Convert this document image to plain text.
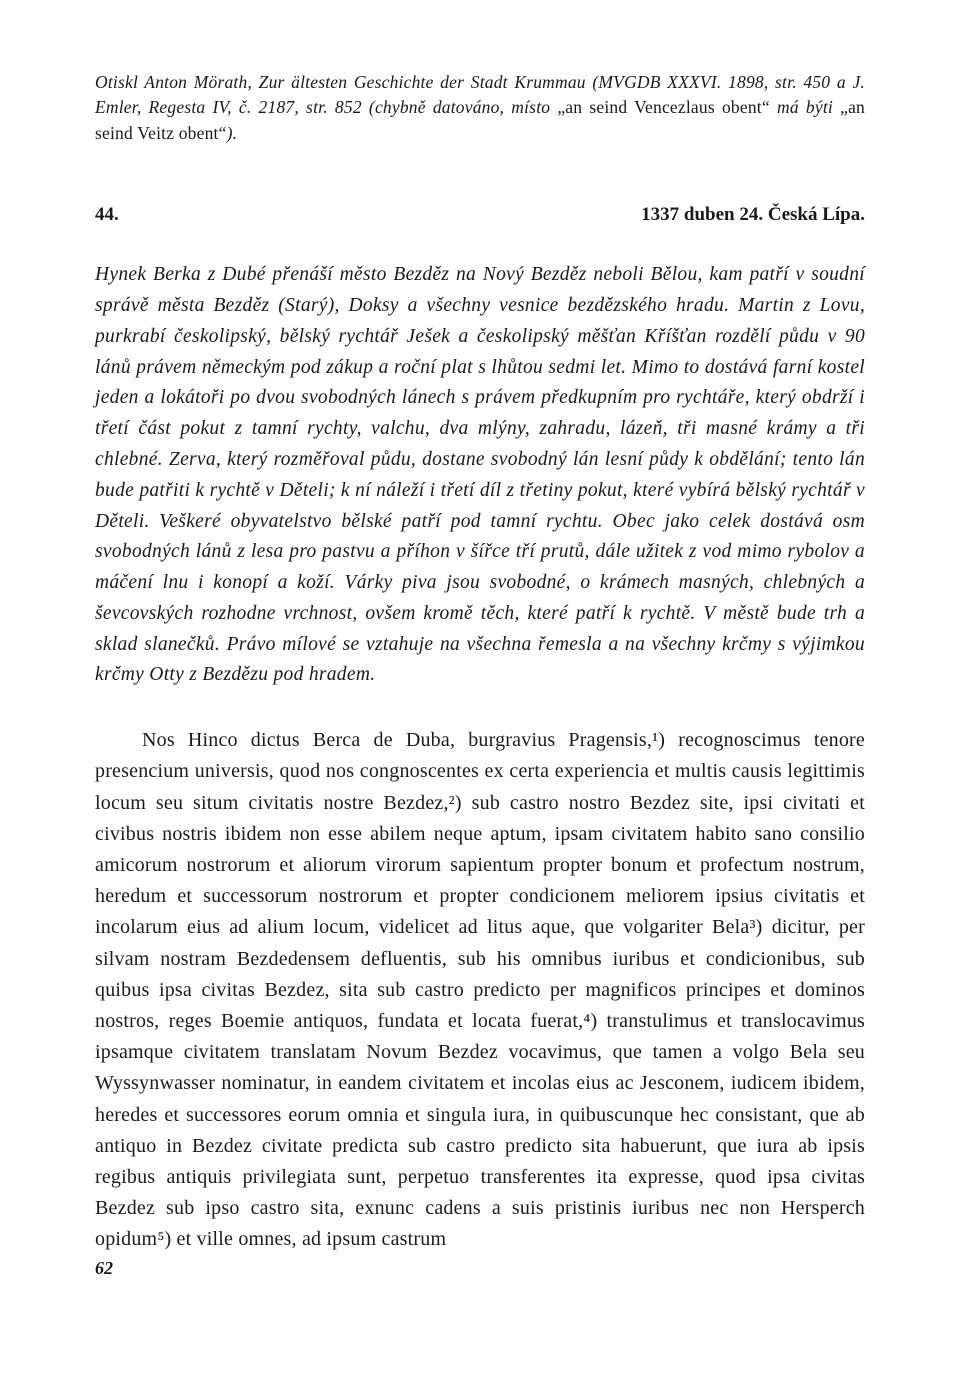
Otiskl Anton Mörath, Zur ältesten Geschichte der Stadt Krummau (MVGDB XXXVI. 1898, str. 450 a J. Emler, Regesta IV, č. 2187, str. 852 (chybně datováno, místo „an seind Vencezlaus obent“ má býti „an seind Veitz obent“).

44.	1337 duben 24. Česká Lípa.

Hynek Berka z Dubé přenáší město Bezděz na Nový Bezděz neboli Bělou, kam patří v soudní správě města Bezděz (Starý), Doksy a všechny vesnice bezdězského hradu. Martin z Lovu, purkrabí českolipský, bělský rychtář Ješek a českolipský měšťan Kříšťan rozdělí půdu v 90 lánů právem německým pod zákup a roční plat s lhůtou sedmi let. Mimo to dostává farní kostel jeden a lokátoři po dvou svobodných lánech s právem předkupním pro rychtáře, který obdrží i třetí část pokut z tamní rychty, valchu, dva mlýny, zahradu, lázeň, tři masné krámy a tři chlebné. Zerva, který rozměřoval půdu, dostane svobodný lán lesní půdy k obdělání; tento lán bude patřiti k rychtě v Děteli; k ní náleží i třetí díl z třetiny pokut, které vybírá bělský rychtář v Děteli. Veškeré obyvatelstvo bělské patří pod tamní rychtu. Obec jako celek dostává osm svobodných lánů z lesa pro pastvu a příhon v šířce tří prutů, dále užitek z vod mimo rybolov a máčení lnu i konopí a koží. Várky piva jsou svobodné, o krámech masných, chlebných a ševcovských rozhodne vrchnost, ovšem kromě těch, které patří k rychtě. V městě bude trh a sklad slanečků. Právo mílové se vztahuje na všechna řemesla a na všechny krčmy s výjimkou krčmy Otty z Bezdězu pod hradem.

Nos Hinco dictus Berca de Duba, burgravius Pragensis,¹) recognoscimus tenore presencium universis, quod nos congnoscentes ex certa experiencia et multis causis legittimis locum seu situm civitatis nostre Bezdez,²) sub castro nostro Bezdez site, ipsi civitati et civibus nostris ibidem non esse abilem neque aptum, ipsam civitatem habito sano consilio amicorum nostrorum et aliorum virorum sapientum propter bonum et profectum nostrum, heredum et successorum nostrorum et propter condicionem meliorem ipsius civitatis et incolarum eius ad alium locum, videlicet ad litus aque, que volgariter Bela³) dicitur, per silvam nostram Bezdedensem defluentis, sub his omnibus iuribus et condicionibus, sub quibus ipsa civitas Bezdez, sita sub castro predicto per magnificos principes et dominos nostros, reges Boemie antiquos, fundata et locata fuerat,⁴) transtulimus et translocavimus ipsamque civitatem translatam Novum Bezdez vocavimus, que tamen a volgo Bela seu Wyssynwasser nominatur, in eandem civitatem et incolas eius ac Jesconem, iudicem ibidem, heredes et successores eorum omnia et singula iura, in quibuscunque hec consistant, que ab antiquo in Bezdez civitate predicta sub castro predicto sita habuerunt, que iura ab ipsis regibus antiquis privilegiata sunt, perpetuo transferentes ita expresse, quod ipsa civitas Bezdez sub ipso castro sita, exnunc cadens a suis pristinis iuribus nec non Hersperch opidum⁵) et ville omnes, ad ipsum castrum

62
